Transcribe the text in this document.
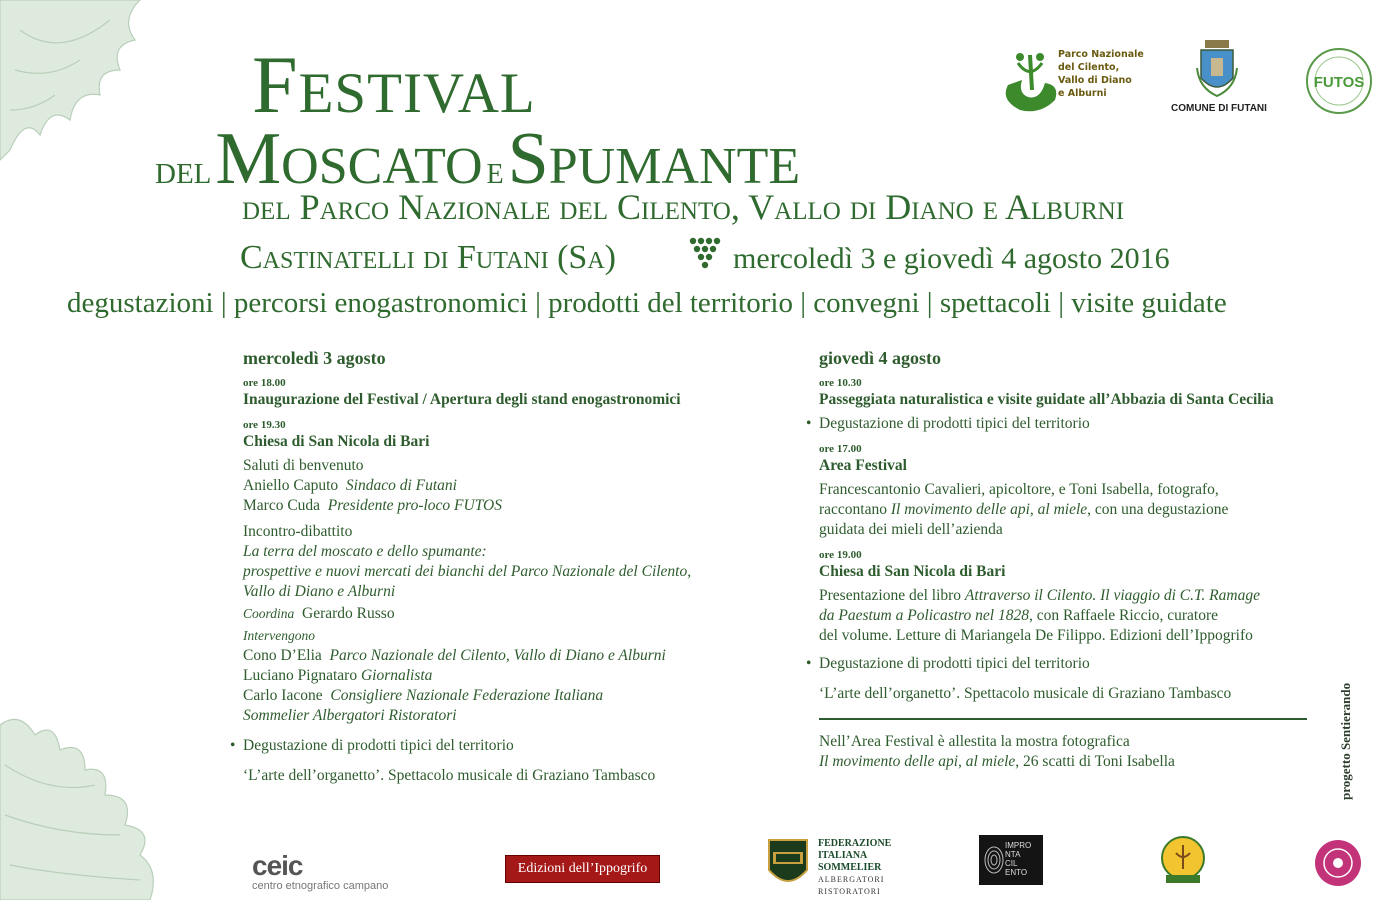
Festival
del Moscato e Spumante
del Parco Nazionale del Cilento, Vallo di Diano e Alburni
Castinatelli di Futani (Sa)	mercoledì 3 e giovedì 4 agosto 2016
degustazioni | percorsi enogastronomici | prodotti del territorio | convegni | spettacoli | visite guidate
mercoledì 3 agosto
ore 18.00
Inaugurazione del Festival / Apertura degli stand enogastronomici
ore 19.30
Chiesa di San Nicola di Bari
Saluti di benvenuto
Aniello Caputo Sindaco di Futani
Marco Cuda Presidente pro-loco FUTOS
Incontro-dibattito
La terra del moscato e dello spumante:
prospettive e nuovi mercati dei bianchi del Parco Nazionale del Cilento,
Vallo di Diano e Alburni
Coordina Gerardo Russo
Intervengono
Cono D’Elia Parco Nazionale del Cilento, Vallo di Diano e Alburni
Luciano Pignataro Giornalista
Carlo Iacone Consigliere Nazionale Federazione Italiana
Sommelier Albergatori Ristoratori
• Degustazione di prodotti tipici del territorio
‘L’arte dell’organetto’. Spettacolo musicale di Graziano Tambasco
giovedì 4 agosto
ore 10.30
Passeggiata naturalistica e visite guidate all’Abbazia di Santa Cecilia
• Degustazione di prodotti tipici del territorio
ore 17.00
Area Festival
Francescantonio Cavalieri, apicoltore, e Toni Isabella, fotografo,
raccontano Il movimento delle api, al miele, con una degustazione
guidata dei mieli dell’azienda
ore 19.00
Chiesa di San Nicola di Bari
Presentazione del libro Attraverso il Cilento. Il viaggio di C.T. Ramage
da Paestum a Policastro nel 1828, con Raffaele Riccio, curatore
del volume. Letture di Mariangela De Filippo. Edizioni dell’Ippogrifo
• Degustazione di prodotti tipici del territorio
‘L’arte dell’organetto’. Spettacolo musicale di Graziano Tambasco
Nell’Area Festival è allestita la mostra fotografica
Il movimento delle api, al miele, 26 scatti di Toni Isabella	progetto Sentierando
Parco Nazionale
del Cilento,
Vallo di Diano
e Alburni
COMUNE DI FUTANI
FUTOS
ceic
centro etnografico campano
Edizioni dell’Ippogrifo
FEDERAZIONE
ITALIANA
SOMMELIER
ALBERGATORI
RISTORATORI
IMPRO
NTA
CIL
ENTO
